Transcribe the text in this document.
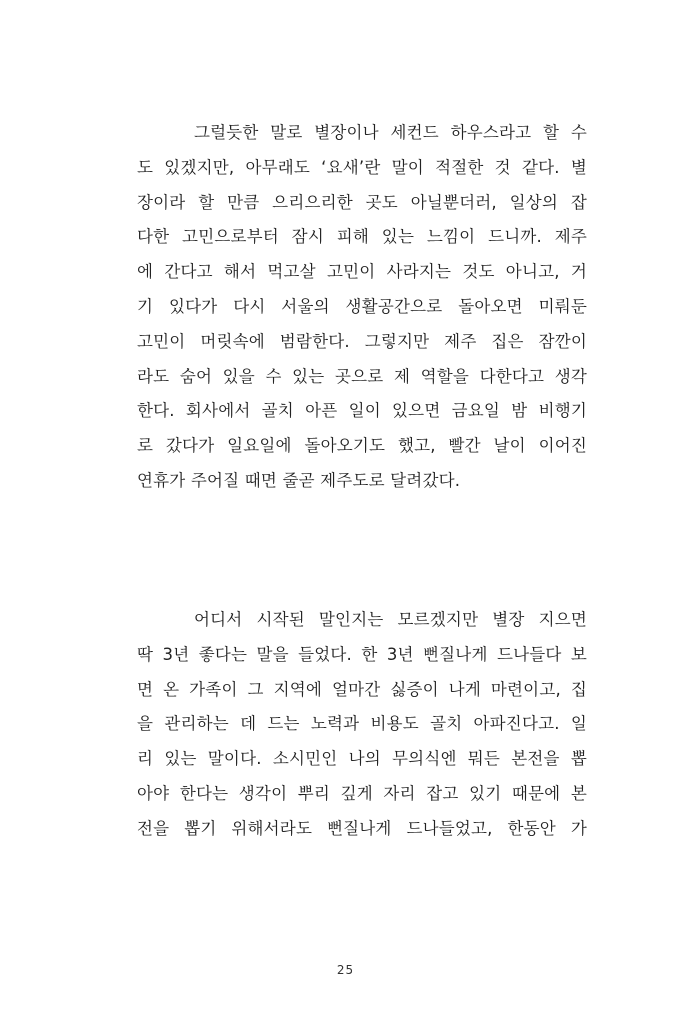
그럴듯한 말로 별장이나 세컨드 하우스라고 할 수
도 있겠지만, 아무래도 ‘요새’란 말이 적절한 것 같다. 별
장이라 할 만큼 으리으리한 곳도 아닐뿐더러, 일상의 잡
다한 고민으로부터 잠시 피해 있는 느낌이 드니까. 제주
에 간다고 해서 먹고살 고민이 사라지는 것도 아니고, 거
기 있다가 다시 서울의 생활공간으로 돌아오면 미뤄둔
고민이 머릿속에 범람한다. 그렇지만 제주 집은 잠깐이
라도 숨어 있을 수 있는 곳으로 제 역할을 다한다고 생각
한다. 회사에서 골치 아픈 일이 있으면 금요일 밤 비행기
로 갔다가 일요일에 돌아오기도 했고, 빨간 날이 이어진
연휴가 주어질 때면 줄곧 제주도로 달려갔다.
어디서 시작된 말인지는 모르겠지만 별장 지으면
딱 3년 좋다는 말을 들었다. 한 3년 뻔질나게 드나들다 보
면 온 가족이 그 지역에 얼마간 싫증이 나게 마련이고, 집
을 관리하는 데 드는 노력과 비용도 골치 아파진다고. 일
리 있는 말이다. 소시민인 나의 무의식엔 뭐든 본전을 뽑
아야 한다는 생각이 뿌리 깊게 자리 잡고 있기 때문에 본
전을 뽑기 위해서라도 뻔질나게 드나들었고, 한동안 가
25
